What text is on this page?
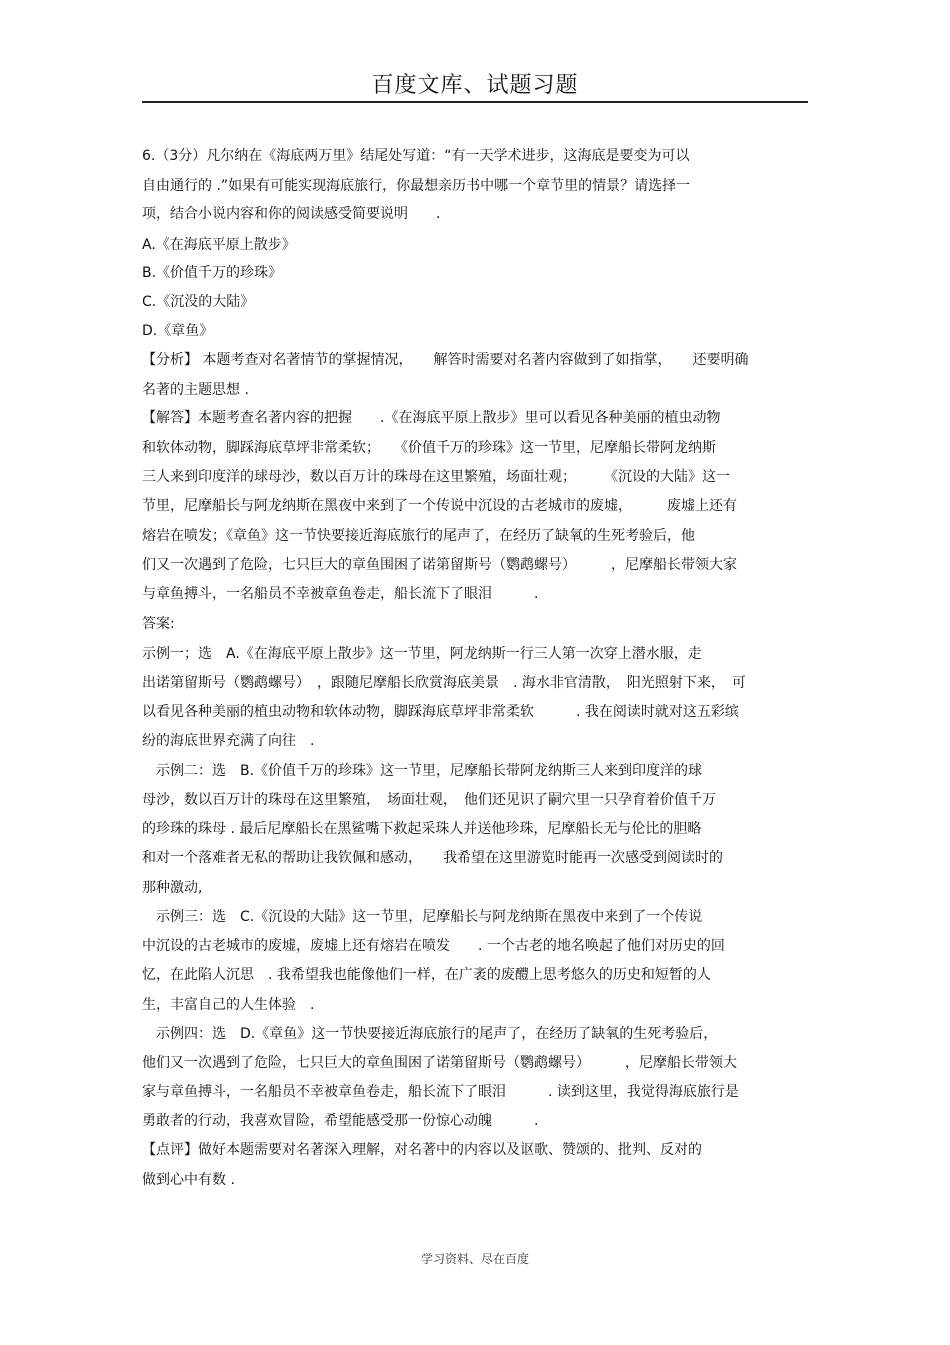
百度文库、试题习题
6.（3分）凡尔纳在《海底两万里》结尾处写道：“有一天学术进步，这海底是要变为可以
自由通行的 .”如果有可能实现海底旅行，你最想亲历书中哪一个章节里的情景？请选择一
项，结合小说内容和你的阅读感受简要说明　　.
A.《在海底平原上散步》
B.《价值千万的珍珠》
C.《沉没的大陆》
D.《章鱼》
【分析】 本题考查对名著情节的掌握情况，　　解答时需要对名著内容做到了如指掌，　　还要明确
名著的主题思想 .
【解答】本题考查名著内容的把握　　.《在海底平原上散步》里可以看见各种美丽的植虫动物
和软体动物，脚踩海底草坪非常柔软；　　《价值千万的珍珠》这一节里，尼摩船长带阿龙纳斯
三人来到印度洋的球母沙，数以百万计的珠母在这里繁殖，场面壮观；　　　《沉设的大陆》这一
节里，尼摩船长与阿龙纳斯在黑夜中来到了一个传说中沉设的古老城市的废墟，　　　废墟上还有
熔岩在喷发；《章鱼》这一节快要接近海底旅行的尾声了，在经历了缺氧的生死考验后，他
们又一次遇到了危险，七只巨大的章鱼围困了诺第留斯号（鹦鹉螺号）　　　，尼摩船长带领大家
与章鱼搏斗，一名船员不幸被章鱼卷走，船长流下了眼泪　　　.
答案:
示例一；选　A.《在海底平原上散步》这一节里，阿龙纳斯一行三人第一次穿上潜水服，走
出诺第留斯号（鹦鹉螺号）　，跟随尼摩船长欣赏海底美景　. 海水非官清散，　阳光照射下来，　可
以看见各种美丽的植虫动物和软体动物，脚踩海底草坪非常柔软　　　. 我在阅读时就对这五彩缤
纷的海底世界充满了向往　.
　示例二：选　B.《价值千万的珍珠》这一节里，尼摩船长带阿龙纳斯三人来到印度洋的球
母沙，数以百万计的珠母在这里繁殖，　场面壮观，　他们还见识了嗣穴里一只孕育着价值千万
的珍珠的珠母 . 最后尼摩船长在黑鲨嘴下救起采珠人并送他珍珠，尼摩船长无与伦比的胆略
和对一个落难者无私的帮助让我钦佩和感动，　　我希望在这里游览时能再一次感受到阅读时的
那种激动,
　示例三：选　C.《沉设的大陆》这一节里，尼摩船长与阿龙纳斯在黑夜中来到了一个传说
中沉设的古老城市的废墟，废墟上还有熔岩在喷发　　. 一个古老的地名唤起了他们对历史的回
忆，在此陷人沉思　. 我希望我也能像他们一样，在广袤的废醴上思考悠久的历史和短暂的人
生，丰富自己的人生体验　.
　示例四：选　D.《章鱼》这一节快要接近海底旅行的尾声了，在经历了缺氧的生死考验后，
他们又一次遇到了危险，七只巨大的章鱼围困了诺第留斯号（鹦鹉螺号）　　　，尼摩船长带领大
家与章鱼搏斗，一名船员不幸被章鱼卷走，船长流下了眼泪　　　. 读到这里，我觉得海底旅行是
勇敢者的行动，我喜欢冒险，希望能感受那一份惊心动魄　　　.
【点评】做好本题需要对名著深入理解，对名著中的内容以及讴歌、赞颂的、批判、反对的
做到心中有数 .
学习资料、尽在百度
